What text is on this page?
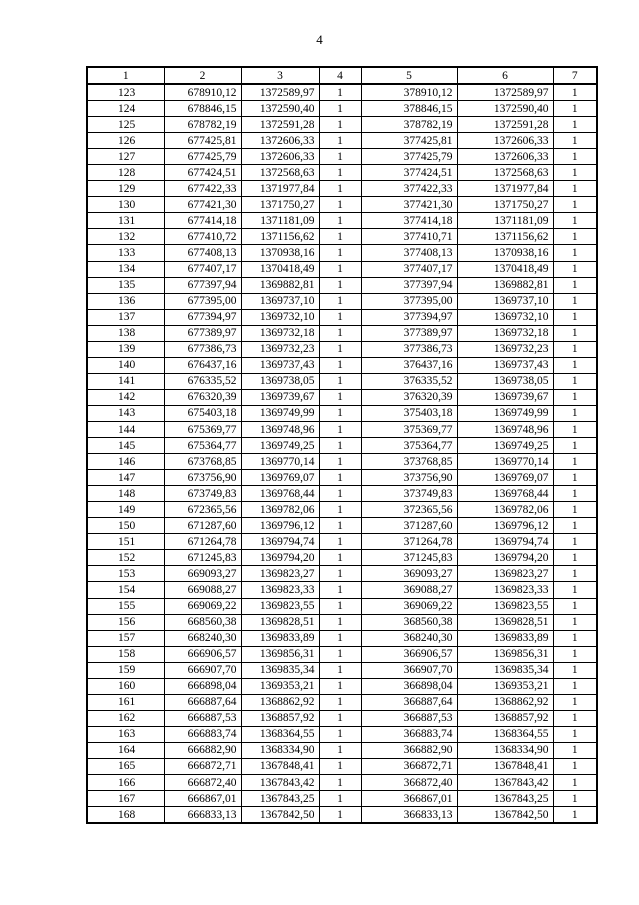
4
1	2	3	4	5	6	7
123	678910,12	1372589,97	1	378910,12	1372589,97	1
124	678846,15	1372590,40	1	378846,15	1372590,40	1
125	678782,19	1372591,28	1	378782,19	1372591,28	1
126	677425,81	1372606,33	1	377425,81	1372606,33	1
127	677425,79	1372606,33	1	377425,79	1372606,33	1
128	677424,51	1372568,63	1	377424,51	1372568,63	1
129	677422,33	1371977,84	1	377422,33	1371977,84	1
130	677421,30	1371750,27	1	377421,30	1371750,27	1
131	677414,18	1371181,09	1	377414,18	1371181,09	1
132	677410,72	1371156,62	1	377410,71	1371156,62	1
133	677408,13	1370938,16	1	377408,13	1370938,16	1
134	677407,17	1370418,49	1	377407,17	1370418,49	1
135	677397,94	1369882,81	1	377397,94	1369882,81	1
136	677395,00	1369737,10	1	377395,00	1369737,10	1
137	677394,97	1369732,10	1	377394,97	1369732,10	1
138	677389,97	1369732,18	1	377389,97	1369732,18	1
139	677386,73	1369732,23	1	377386,73	1369732,23	1
140	676437,16	1369737,43	1	376437,16	1369737,43	1
141	676335,52	1369738,05	1	376335,52	1369738,05	1
142	676320,39	1369739,67	1	376320,39	1369739,67	1
143	675403,18	1369749,99	1	375403,18	1369749,99	1
144	675369,77	1369748,96	1	375369,77	1369748,96	1
145	675364,77	1369749,25	1	375364,77	1369749,25	1
146	673768,85	1369770,14	1	373768,85	1369770,14	1
147	673756,90	1369769,07	1	373756,90	1369769,07	1
148	673749,83	1369768,44	1	373749,83	1369768,44	1
149	672365,56	1369782,06	1	372365,56	1369782,06	1
150	671287,60	1369796,12	1	371287,60	1369796,12	1
151	671264,78	1369794,74	1	371264,78	1369794,74	1
152	671245,83	1369794,20	1	371245,83	1369794,20	1
153	669093,27	1369823,27	1	369093,27	1369823,27	1
154	669088,27	1369823,33	1	369088,27	1369823,33	1
155	669069,22	1369823,55	1	369069,22	1369823,55	1
156	668560,38	1369828,51	1	368560,38	1369828,51	1
157	668240,30	1369833,89	1	368240,30	1369833,89	1
158	666906,57	1369856,31	1	366906,57	1369856,31	1
159	666907,70	1369835,34	1	366907,70	1369835,34	1
160	666898,04	1369353,21	1	366898,04	1369353,21	1
161	666887,64	1368862,92	1	366887,64	1368862,92	1
162	666887,53	1368857,92	1	366887,53	1368857,92	1
163	666883,74	1368364,55	1	366883,74	1368364,55	1
164	666882,90	1368334,90	1	366882,90	1368334,90	1
165	666872,71	1367848,41	1	366872,71	1367848,41	1
166	666872,40	1367843,42	1	366872,40	1367843,42	1
167	666867,01	1367843,25	1	366867,01	1367843,25	1
168	666833,13	1367842,50	1	366833,13	1367842,50	1
